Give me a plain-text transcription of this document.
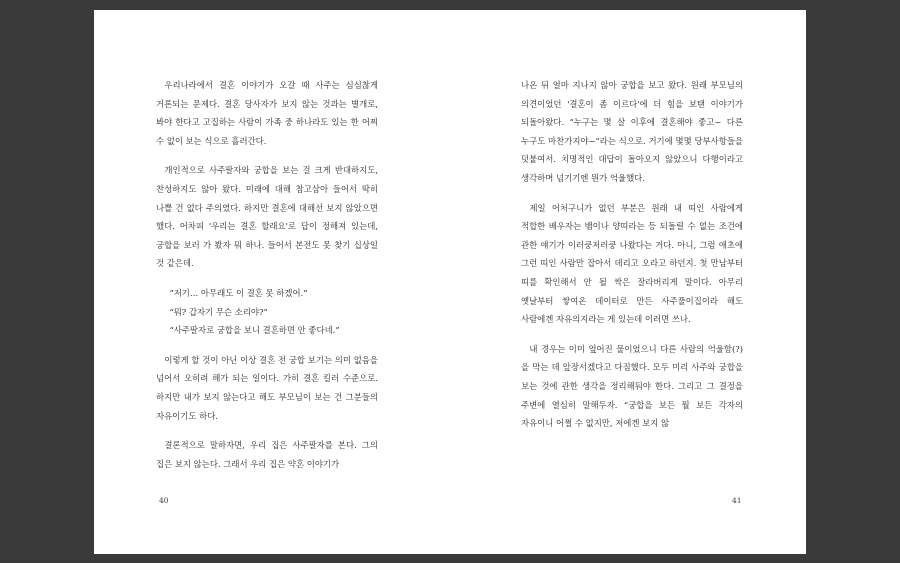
우리나라에서 결혼 이야기가 오갈 때 사주는 심심찮게 거론되는 문제다. 결혼 당사자가 보지 않는 것과는 별개로, 봐야 한다고 고집하는 사람이 가족 중 하나라도 있는 한 어찌 수 없이 보는 식으로 흘러간다.

개인적으로 사주팔자와 궁합을 보는 걸 크게 반대하지도, 찬성하지도 않아 왔다. 미래에 대해 참고삼아 들어서 딱히 나쁠 건 없다 주의였다. 하지만 결혼에 대해선 보지 않았으면 했다. 어차피 '우리는 결혼 할래요'로 답이 정해져 있는데, 궁합을 보러 가 봤자 뭐 하나. 들어서 본전도 못 찾기 십상일 것 같은데.

“저기… 아무래도 이 결혼 못 하겠어.”

“뭐? 갑자기 무슨 소리야?”

“사주팔자로 궁합을 보니 결혼하면 안 좋다네.”

이렇게 할 것이 아닌 이상 결혼 전 궁합 보기는 의미 없음을 넘어서 오히려 해가 되는 일이다. 가히 결혼 킬러 수준으로. 하지만 내가 보지 않는다고 해도 부모님이 보는 건 그분들의 자유이기도 하다.

결론적으로 말하자면, 우리 집은 사주팔자를 본다. 그의 집은 보지 않는다. 그래서 우리 집은 약혼 이야기가

40

나온 뒤 얼마 지나지 않아 궁합을 보고 왔다. 원래 부모님의 의견이었던 '결혼이 좀 이르다'에 더 힘을 보탠 이야기가 되돌아왔다. “누구는 몇 살 이후에 결혼해야 좋고~ 다른 누구도 마찬가지야~”라는 식으로. 거기에 몇몇 당부사항들을 덧붙여서. 치명적인 대답이 돌아오지 않았으니 다행이라고 생각하며 넘기기엔 뭔가 억울했다.

제일 어처구니가 없던 부분은 원래 내 띠인 사람에게 적합한 배우자는 뱀이나 양띠라는 등 되돌릴 수 없는 조건에 관한 얘기가 이러쿵저러쿵 나왔다는 거다. 아니, 그럼 애초에 그런 띠인 사람만 잡아서 데리고 오라고 하던지. 첫 만남부터 띠를 확인해서 안 될 싹은 잘라버리게 말이다. 아무리 옛날부터 쌓여온 데이터로 만든 사주풀이집이라 해도 사람에겐 자유의지라는 게 있는데 이러면 쓰나.

내 경우는 이미 엎어진 물이었으니 다른 사람의 억울함(?)을 막는 데 앞장서겠다고 다짐했다. 모두 미리 사주와 궁합을 보는 것에 관한 생각을 정리해둬야 한다. 그리고 그 결정을 주변에 열심히 말해두자. “궁합을 보든 뭘 보든 각자의 자유이니 어쩔 수 없지만, 저에겐 보지 않

41
